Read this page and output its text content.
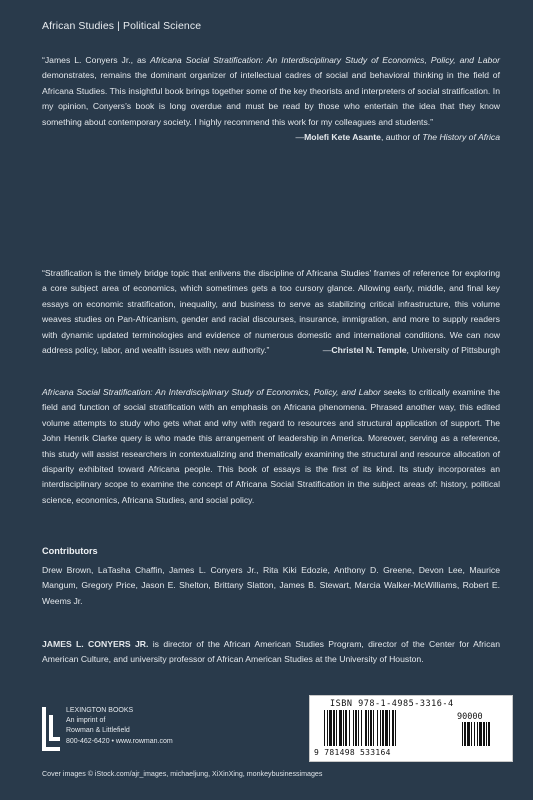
African Studies | Political Science
“James L. Conyers Jr., as Africana Social Stratification: An Interdisciplinary Study of Economics, Policy, and Labor demonstrates, remains the dominant organizer of intellectual cadres of social and behavioral thinking in the field of Africana Studies. This insightful book brings together some of the key theorists and interpreters of social stratification. In my opinion, Conyers’s book is long overdue and must be read by those who entertain the idea that they know something about contemporary society. I highly recommend this work for my colleagues and students.”
—Molefi Kete Asante, author of The History of Africa
“Stratification is the timely bridge topic that enlivens the discipline of Africana Studies’ frames of reference for exploring a core subject area of economics, which sometimes gets a too cursory glance. Allowing early, middle, and final key essays on economic stratification, inequality, and business to serve as stabilizing critical infrastructure, this volume weaves studies on Pan-Africanism, gender and racial discourses, insurance, immigration, and more to supply readers with dynamic updated terminologies and evidence of numerous domestic and international conditions. We can now address policy, labor, and wealth issues with new authority.”	—Christel N. Temple, University of Pittsburgh
Africana Social Stratification: An Interdisciplinary Study of Economics, Policy, and Labor seeks to critically examine the field and function of social stratification with an emphasis on Africana phenomena. Phrased another way, this edited volume attempts to study who gets what and why with regard to resources and structural application of support. The John Henrik Clarke query is who made this arrangement of leadership in America. Moreover, serving as a reference, this study will assist researchers in contextualizing and thematically examining the structural and resource allocation of disparity exhibited toward Africana people. This book of essays is the first of its kind. Its study incorporates an interdisciplinary scope to examine the concept of Africana Social Stratification in the subject areas of: history, political science, economics, Africana Studies, and social policy.
Contributors
Drew Brown, LaTasha Chaffin, James L. Conyers Jr., Rita Kiki Edozie, Anthony D. Greene, Devon Lee, Maurice Mangum, Gregory Price, Jason E. Shelton, Brittany Slatton, James B. Stewart, Marcia Walker-McWilliams, Robert E. Weems Jr.
JAMES L. CONYERS JR. is director of the African American Studies Program, director of the Center for African American Culture, and university professor of African American Studies at the University of Houston.
LEXINGTON BOOKS
An imprint of
Rowman & Littlefield
800-462-6420 • www.rowman.com
ISBN 978-1-4985-3316-4
90000
9 781498 533164
Cover images © iStock.com/ajr_images, michaeljung, XiXinXing, monkeybusinessimages
